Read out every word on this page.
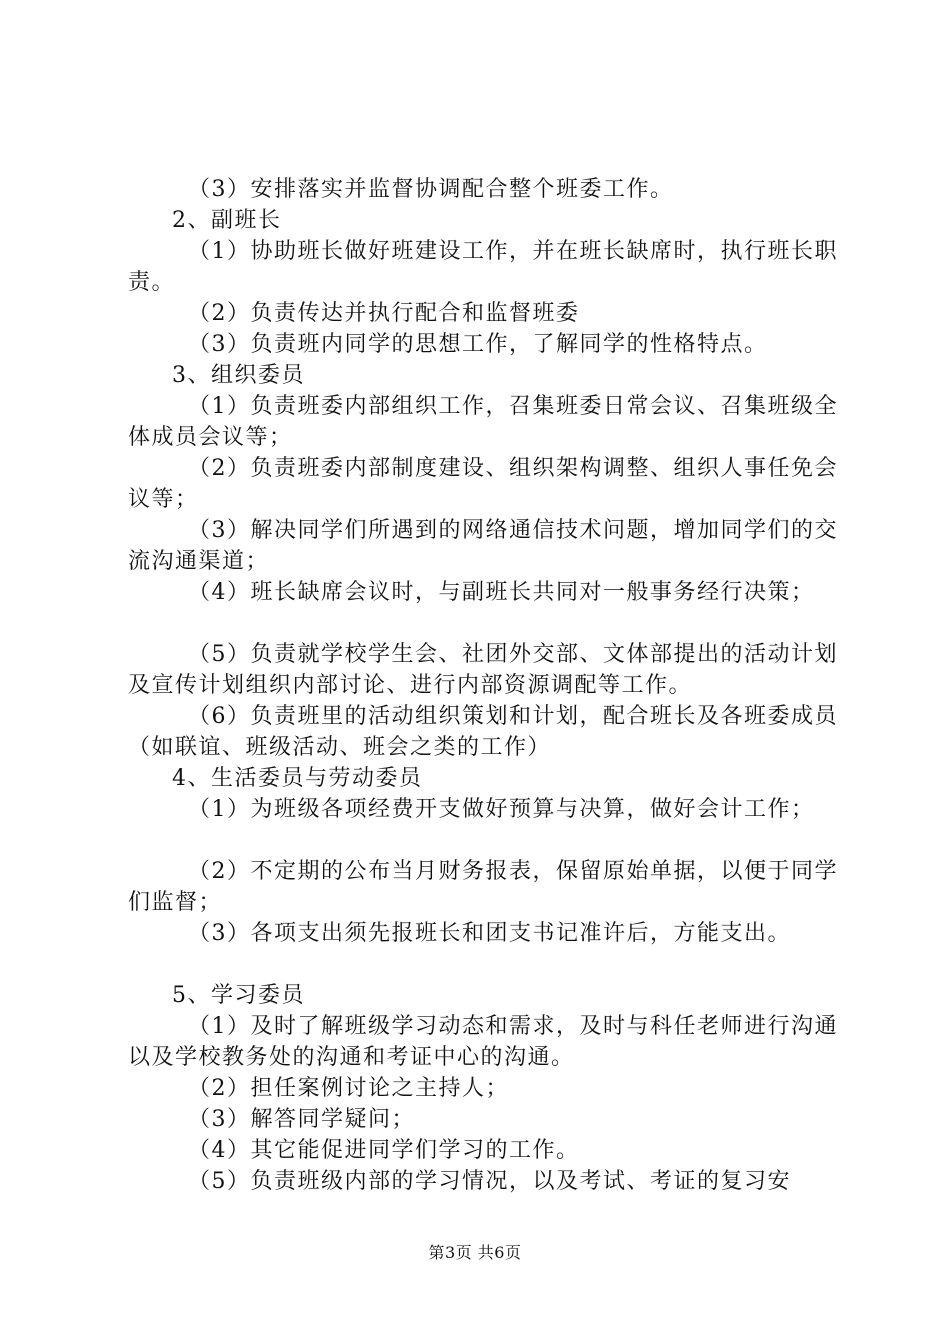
（3）安排落实并监督协调配合整个班委工作。

2、副班长

（1）协助班长做好班建设工作，并在班长缺席时，执行班长职责。

（2）负责传达并执行配合和监督班委

（3）负责班内同学的思想工作，了解同学的性格特点。

3、组织委员

（1）负责班委内部组织工作，召集班委日常会议、召集班级全体成员会议等；

（2）负责班委内部制度建设、组织架构调整、组织人事任免会议等；

（3）解决同学们所遇到的网络通信技术问题，增加同学们的交流沟通渠道；

（4）班长缺席会议时，与副班长共同对一般事务经行决策；

（5）负责就学校学生会、社团外交部、文体部提出的活动计划及宣传计划组织内部讨论、进行内部资源调配等工作。

（6）负责班里的活动组织策划和计划，配合班长及各班委成员（如联谊、班级活动、班会之类的工作）

4、生活委员与劳动委员

（1）为班级各项经费开支做好预算与决算，做好会计工作；

（2）不定期的公布当月财务报表，保留原始单据，以便于同学们监督；

（3）各项支出须先报班长和团支书记准许后，方能支出。

5、学习委员

（1）及时了解班级学习动态和需求，及时与科任老师进行沟通以及学校教务处的沟通和考证中心的沟通。

（2）担任案例讨论之主持人；

（3）解答同学疑问；

（4）其它能促进同学们学习的工作。

（5）负责班级内部的学习情况，以及考试、考证的复习安

第3页 共6页
